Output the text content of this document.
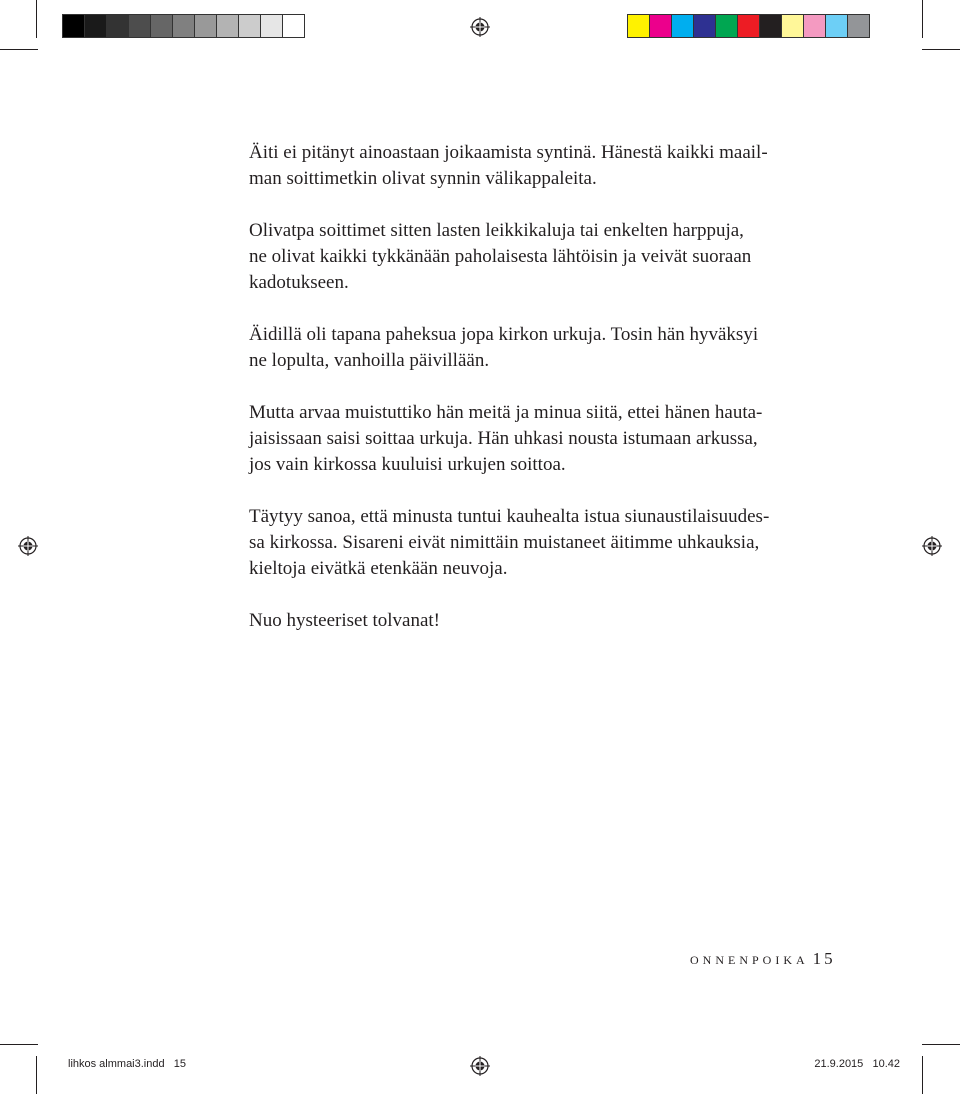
Äiti ei pitänyt ainoastaan joikaamista syntinä. Hänestä kaikki maail-
man soittimetkin olivat synnin välikappaleita.

Olivatpa soittimet sitten lasten leikkikaluja tai enkelten harppuja,
ne olivat kaikki tykkänään paholaisesta lähtöisin ja veivät suoraan
kadotukseen.

Äidillä oli tapana paheksua jopa kirkon urkuja. Tosin hän hyväksyi
ne lopulta, vanhoilla päivillään.

Mutta arvaa muistuttiko hän meitä ja minua siitä, ettei hänen hauta-
jaisissaan saisi soittaa urkuja. Hän uhkasi nousta istumaan arkussa,
jos vain kirkossa kuuluisi urkujen soittoa.

Täytyy sanoa, että minusta tuntui kauhealta istua siunaustilaisuudes-
sa kirkossa. Sisareni eivät nimittäin muistaneet äitimme uhkauksia,
kieltoja eivätkä etenkään neuvoja.

Nuo hysteeriset tolvanat!

ONNENPOIKA 15
lihkos almmai3.indd   15	21.9.2015   10.42
